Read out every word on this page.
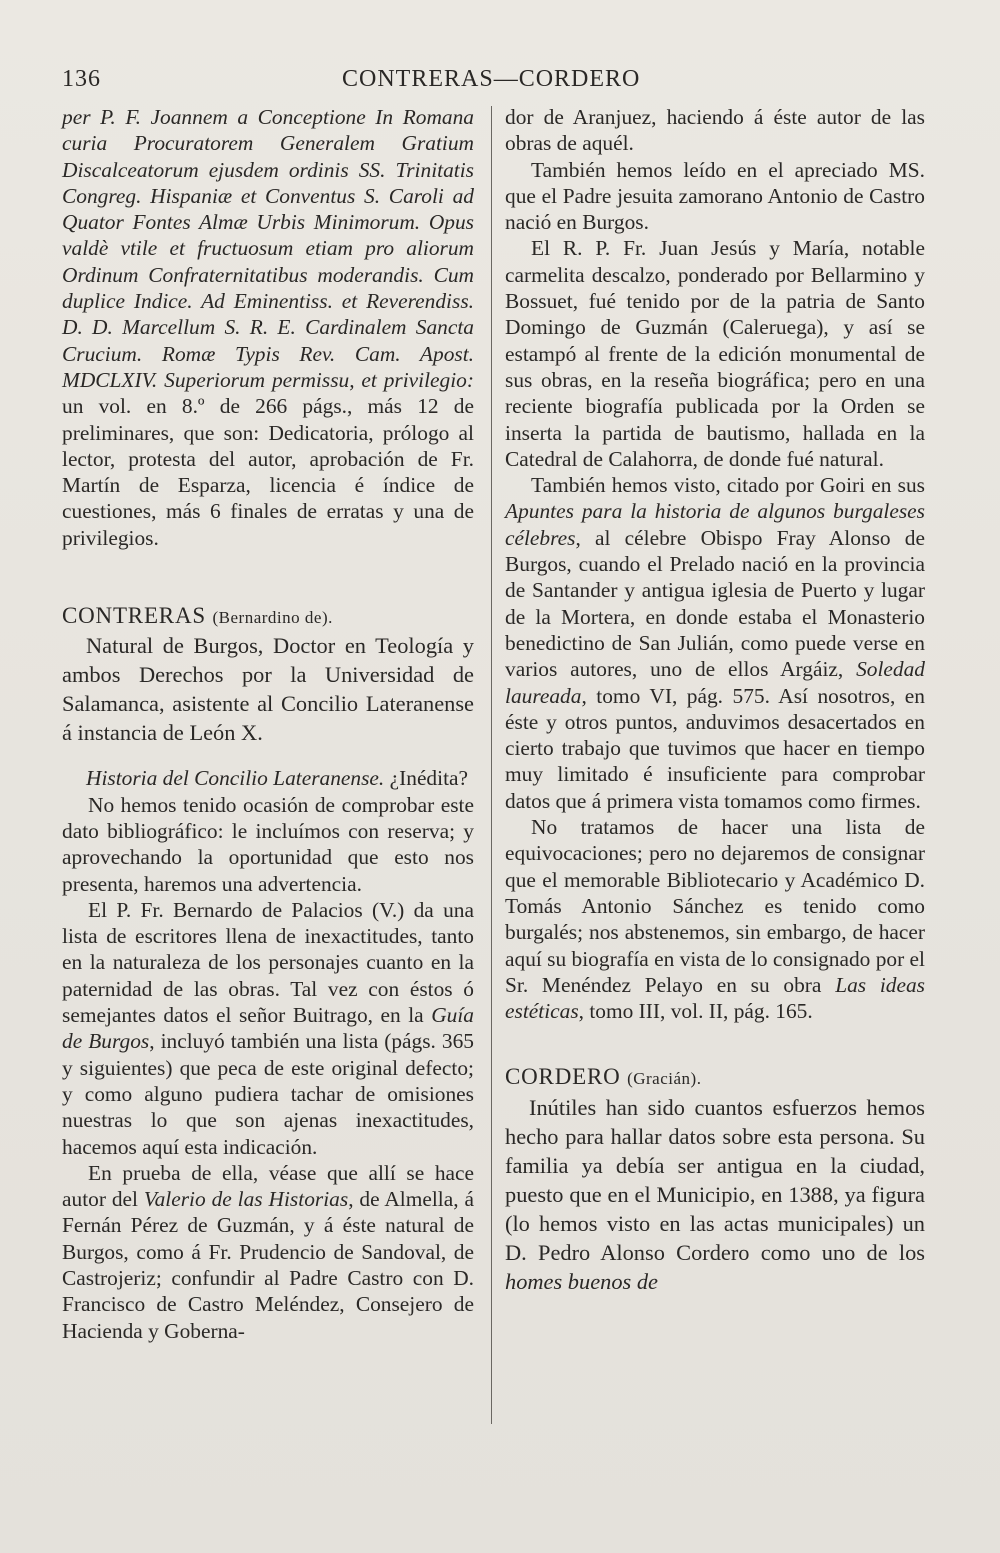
136	CONTRERAS—CORDERO

per P. F. Joannem a Conceptione In Romana curia Procuratorem Generalem Gratium Discalceatorum ejusdem ordinis SS. Trinitatis Congreg. Hispaniæ et Conventus S. Caroli ad Quator Fontes Almæ Urbis Minimorum. Opus valdè vtile et fructuosum etiam pro aliorum Ordinum Confraternitatibus moderandis. Cum duplice Indice. Ad Eminentiss. et Reverendiss. D. D. Marcellum S. R. E. Cardinalem Sancta Crucium. Romæ Typis Rev. Cam. Apost. MDCLXIV. Superiorum permissu, et privilegio: un vol. en 8.º de 266 págs., más 12 de preliminares, que son: Dedicatoria, prólogo al lector, protesta del autor, aprobación de Fr. Martín de Esparza, licencia é índice de cuestiones, más 6 finales de erratas y una de privilegios.

CONTRERAS (Bernardino de).

Natural de Burgos, Doctor en Teología y ambos Derechos por la Universidad de Salamanca, asistente al Concilio Lateranense á instancia de León X.

Historia del Concilio Lateranense. ¿Inédita?

No hemos tenido ocasión de comprobar este dato bibliográfico: le incluímos con reserva; y aprovechando la oportunidad que esto nos presenta, haremos una advertencia.

El P. Fr. Bernardo de Palacios (V.) da una lista de escritores llena de inexactitudes, tanto en la naturaleza de los personajes cuanto en la paternidad de las obras. Tal vez con éstos ó semejantes datos el señor Buitrago, en la Guía de Burgos, incluyó también una lista (págs. 365 y siguientes) que peca de este original defecto; y como alguno pudiera tachar de omisiones nuestras lo que son ajenas inexactitudes, hacemos aquí esta indicación.

En prueba de ella, véase que allí se hace autor del Valerio de las Historias, de Almella, á Fernán Pérez de Guzmán, y á éste natural de Burgos, como á Fr. Prudencio de Sandoval, de Castrojeriz; confundir al Padre Castro con D. Francisco de Castro Meléndez, Consejero de Hacienda y Goberna-

dor de Aranjuez, haciendo á éste autor de las obras de aquél.

También hemos leído en el apreciado MS. que el Padre jesuita zamorano Antonio de Castro nació en Burgos.

El R. P. Fr. Juan Jesús y María, notable carmelita descalzo, ponderado por Bellarmino y Bossuet, fué tenido por de la patria de Santo Domingo de Guzmán (Caleruega), y así se estampó al frente de la edición monumental de sus obras, en la reseña biográfica; pero en una reciente biografía publicada por la Orden se inserta la partida de bautismo, hallada en la Catedral de Calahorra, de donde fué natural.

También hemos visto, citado por Goiri en sus Apuntes para la historia de algunos burgaleses célebres, al célebre Obispo Fray Alonso de Burgos, cuando el Prelado nació en la provincia de Santander y antigua iglesia de Puerto y lugar de la Mortera, en donde estaba el Monasterio benedictino de San Julián, como puede verse en varios autores, uno de ellos Argáiz, Soledad laureada, tomo VI, pág. 575. Así nosotros, en éste y otros puntos, anduvimos desacertados en cierto trabajo que tuvimos que hacer en tiempo muy limitado é insuficiente para comprobar datos que á primera vista tomamos como firmes.

No tratamos de hacer una lista de equivocaciones; pero no dejaremos de consignar que el memorable Bibliotecario y Académico D. Tomás Antonio Sánchez es tenido como burgalés; nos abstenemos, sin embargo, de hacer aquí su biografía en vista de lo consignado por el Sr. Menéndez Pelayo en su obra Las ideas estéticas, tomo III, vol. II, pág. 165.

CORDERO (Gracián).

Inútiles han sido cuantos esfuerzos hemos hecho para hallar datos sobre esta persona. Su familia ya debía ser antigua en la ciudad, puesto que en el Municipio, en 1388, ya figura (lo hemos visto en las actas municipales) un D. Pedro Alonso Cordero como uno de los homes buenos de
